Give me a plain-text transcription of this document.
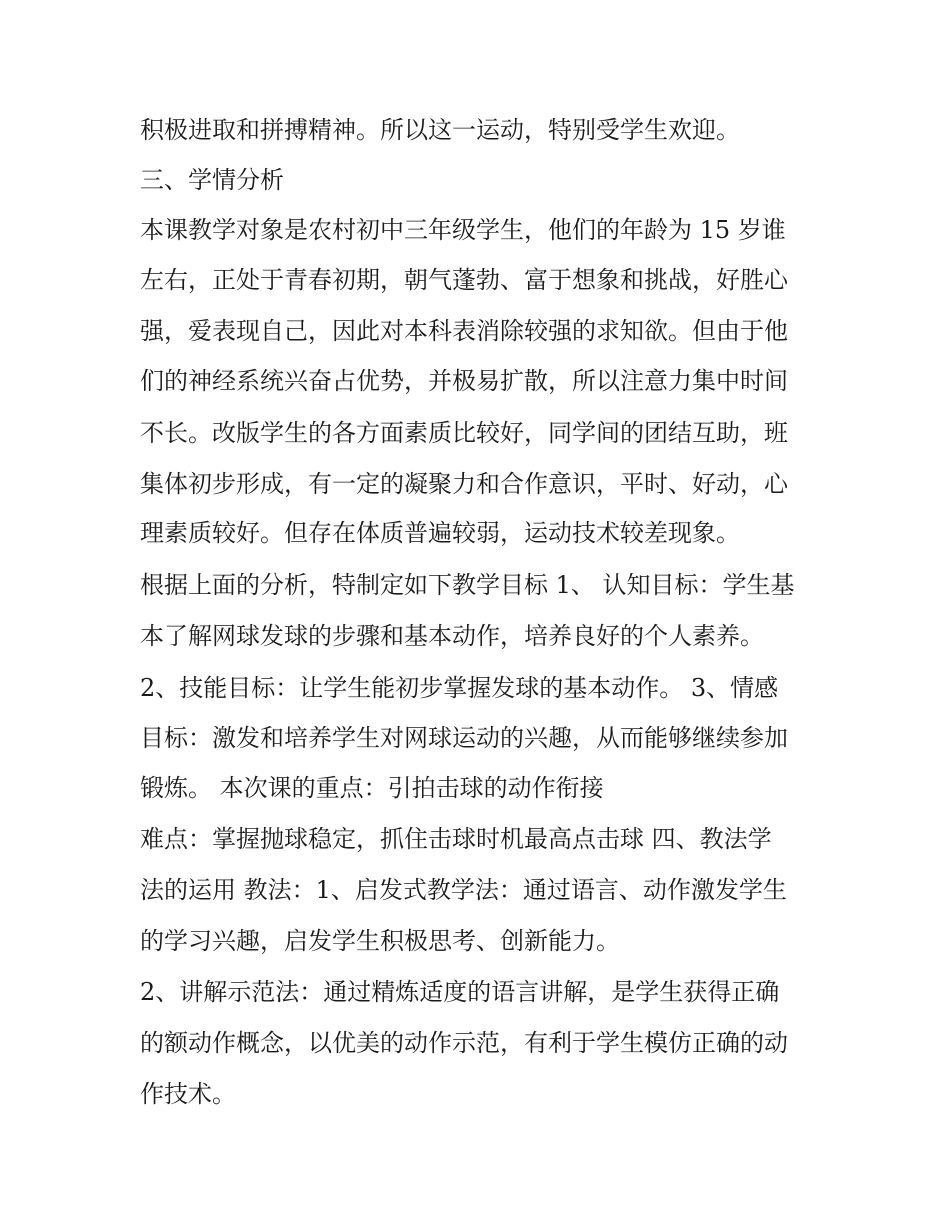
积极进取和拼搏精神。所以这一运动，特别受学生欢迎。
三、学情分析
本课教学对象是农村初中三年级学生，他们的年龄为 15 岁谁
左右，正处于青春初期，朝气蓬勃、富于想象和挑战，好胜心
强，爱表现自己，因此对本科表消除较强的求知欲。但由于他
们的神经系统兴奋占优势，并极易扩散，所以注意力集中时间
不长。改版学生的各方面素质比较好，同学间的团结互助，班
集体初步形成，有一定的凝聚力和合作意识，平时、好动，心
理素质较好。但存在体质普遍较弱，运动技术较差现象。
根据上面的分析，特制定如下教学目标 1、 认知目标：学生基
本了解网球发球的步骤和基本动作，培养良好的个人素养。
2、技能目标：让学生能初步掌握发球的基本动作。 3、情感
目标：激发和培养学生对网球运动的兴趣，从而能够继续参加
锻炼。 本次课的重点：引拍击球的动作衔接
难点：掌握抛球稳定，抓住击球时机最高点击球 四、教法学
法的运用 教法：1、启发式教学法：通过语言、动作激发学生
的学习兴趣，启发学生积极思考、创新能力。
2、讲解示范法：通过精炼适度的语言讲解，是学生获得正确
的额动作概念，以优美的动作示范，有利于学生模仿正确的动
作技术。
